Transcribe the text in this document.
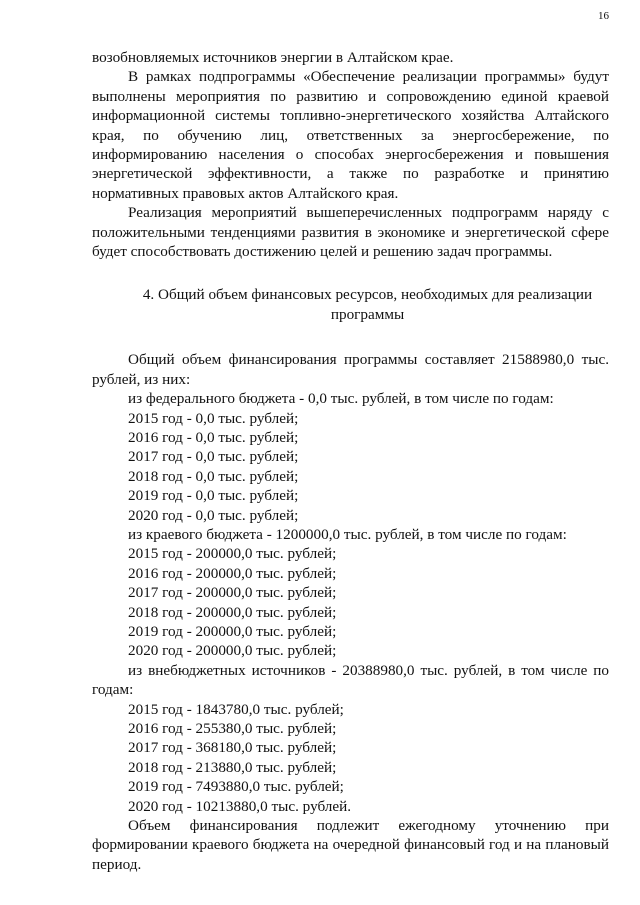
16

возобновляемых источников энергии в Алтайском крае.

В рамках подпрограммы «Обеспечение реализации программы» будут выполнены мероприятия по развитию и сопровождению единой краевой информационной системы топливно-энергетического хозяйства Алтайского края, по обучению лиц, ответственных за энергосбережение, по информированию населения о способах энергосбережения и повышения энергетической эффективности, а также по разработке и принятию нормативных правовых актов Алтайского края.

Реализация мероприятий вышеперечисленных подпрограмм наряду с положительными тенденциями развития в экономике и энергетической сфере будет способствовать достижению целей и решению задач программы.

4. Общий объем финансовых ресурсов, необходимых для реализации программы

Общий объем финансирования программы составляет 21588980,0 тыс. рублей, из них:

из федерального бюджета - 0,0 тыс. рублей, в том числе по годам:

2015 год - 0,0 тыс. рублей;

2016 год - 0,0 тыс. рублей;

2017 год - 0,0 тыс. рублей;

2018 год - 0,0 тыс. рублей;

2019 год - 0,0 тыс. рублей;

2020 год - 0,0 тыс. рублей;

из краевого бюджета - 1200000,0 тыс. рублей, в том числе по годам:

2015 год - 200000,0 тыс. рублей;

2016 год - 200000,0 тыс. рублей;

2017 год - 200000,0 тыс. рублей;

2018 год - 200000,0 тыс. рублей;

2019 год - 200000,0 тыс. рублей;

2020 год - 200000,0 тыс. рублей;

из внебюджетных источников - 20388980,0 тыс. рублей, в том числе по годам:

2015 год - 1843780,0 тыс. рублей;

2016 год - 255380,0 тыс. рублей;

2017 год - 368180,0 тыс. рублей;

2018 год - 213880,0 тыс. рублей;

2019 год - 7493880,0 тыс. рублей;

2020 год - 10213880,0 тыс. рублей.

Объем финансирования подлежит ежегодному уточнению при формировании краевого бюджета на очередной финансовый год и на плановый период.
